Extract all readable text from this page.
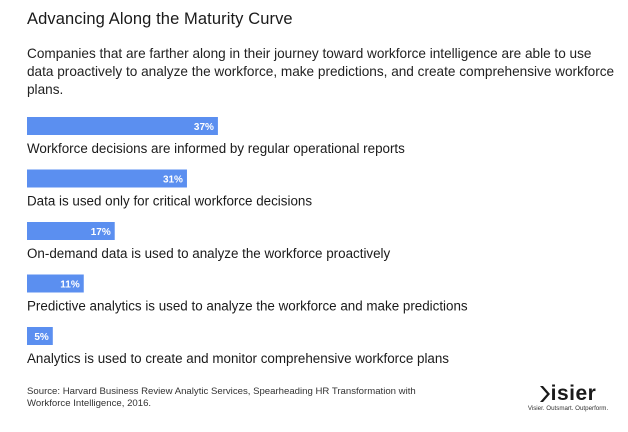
Advancing Along the Maturity Curve
Companies that are farther along in their journey toward workforce intelligence are able to use data proactively to analyze the workforce, make predictions, and create comprehensive workforce plans.
37%
Workforce decisions are informed by regular operational reports
31%
Data is used only for critical workforce decisions
17%
On-demand data is used to analyze the workforce proactively
11%
Predictive analytics is used to analyze the workforce and make predictions
5%
Analytics is used to create and monitor comprehensive workforce plans
Source: Harvard Business Review Analytic Services, Spearheading HR Transformation with Workforce Intelligence, 2016.	isier
Visier. Outsmart. Outperform.
